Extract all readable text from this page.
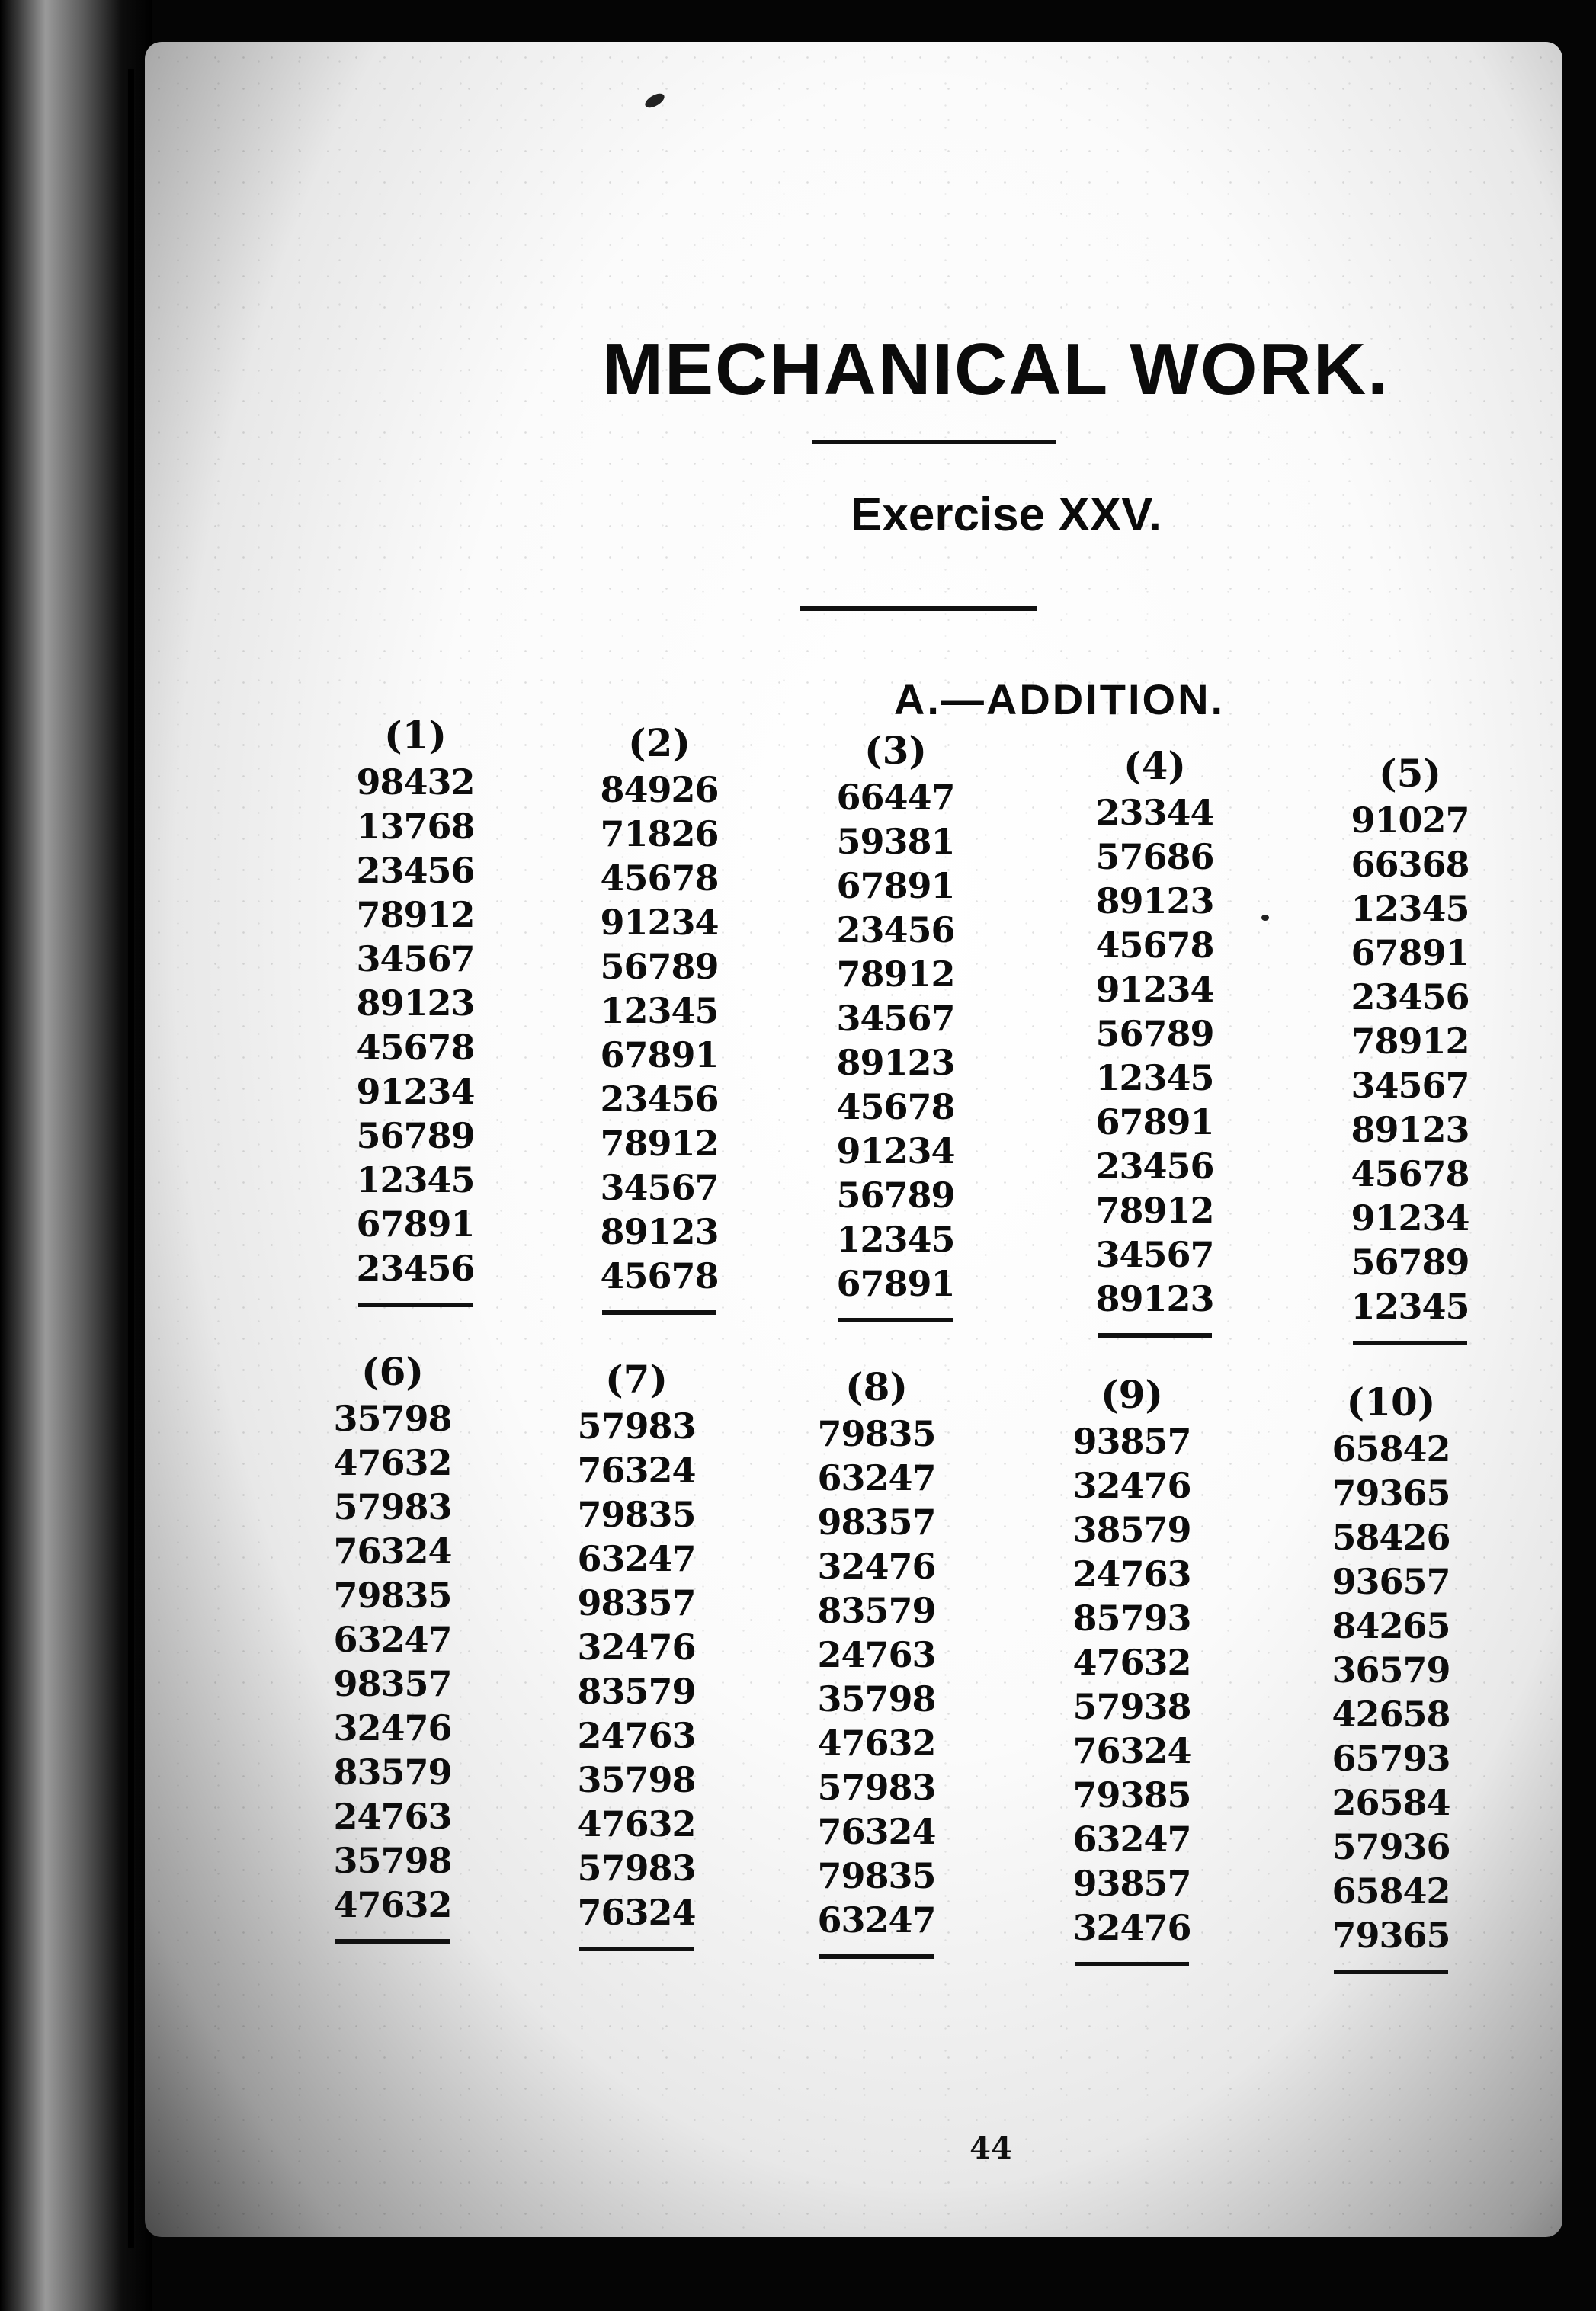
MECHANICAL WORK.
Exercise XXV.
A.—ADDITION.
(1)
98432
13768
23456
78912
34567
89123
45678
91234
56789
12345
67891
23456
(2)
84926
71826
45678
91234
56789
12345
67891
23456
78912
34567
89123
45678
(3)
66447
59381
67891
23456
78912
34567
89123
45678
91234
56789
12345
67891
(4)
23344
57686
89123
45678
91234
56789
12345
67891
23456
78912
34567
89123
(5)
91027
66368
12345
67891
23456
78912
34567
89123
45678
91234
56789
12345
(6)
35798
47632
57983
76324
79835
63247
98357
32476
83579
24763
35798
47632
(7)
57983
76324
79835
63247
98357
32476
83579
24763
35798
47632
57983
76324
(8)
79835
63247
98357
32476
83579
24763
35798
47632
57983
76324
79835
63247
(9)
93857
32476
38579
24763
85793
47632
57938
76324
79385
63247
93857
32476
(10)
65842
79365
58426
93657
84265
36579
42658
65793
26584
57936
65842
79365
44
